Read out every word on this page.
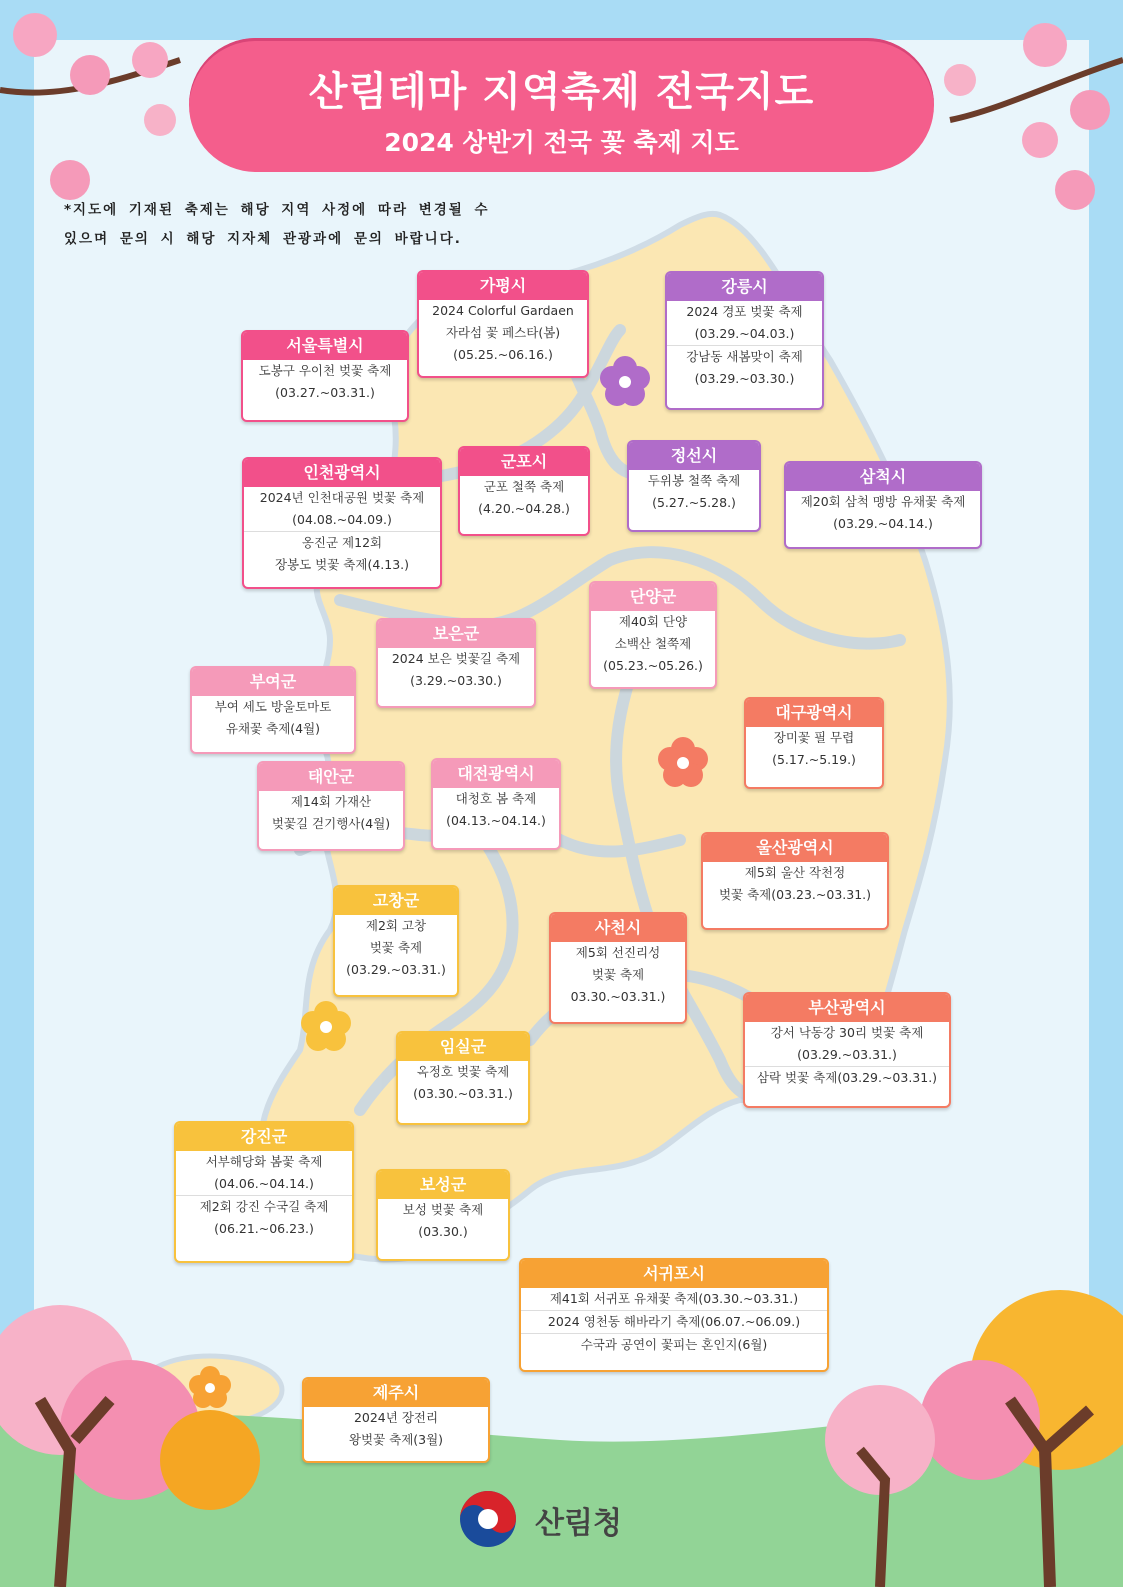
산림테마 지역축제 전국지도
2024 상반기 전국 꽃 축제 지도
*지도에 기재된 축제는 해당 지역 사정에 따라 변경될 수
있으며 문의 시 해당 지자체 관광과에 문의 바랍니다.
가평시
2024 Colorful Gardaen
자라섬 꽃 페스타(봄)
(05.25.~06.16.)
강릉시
2024 경포 벚꽃 축제
(03.29.~04.03.)
강남동 새봄맞이 축제
(03.29.~03.30.)
서울특별시
도봉구 우이천 벚꽃 축제
(03.27.~03.31.)
인천광역시
2024년 인천대공원 벚꽃 축제
(04.08.~04.09.)
옹진군 제12회
장봉도 벚꽃 축제(4.13.)
군포시
군포 철쭉 축제
(4.20.~04.28.)
정선시
두위봉 철쭉 축제
(5.27.~5.28.)
삼척시
제20회 삼척 맹방 유채꽃 축제
(03.29.~04.14.)
단양군
제40회 단양
소백산 철쭉제
(05.23.~05.26.)
보은군
2024 보은 벚꽃길 축제
(3.29.~03.30.)
부여군
부여 세도 방울토마토
유채꽃 축제(4월)
대구광역시
장미꽃 필 무렵
(5.17.~5.19.)
태안군
제14회 가재산
벚꽃길 걷기행사(4월)
대전광역시
대청호 봄 축제
(04.13.~04.14.)
울산광역시
제5회 울산 작천정
벚꽃 축제(03.23.~03.31.)
고창군
제2회 고창
벚꽃 축제
(03.29.~03.31.)
사천시
제5회 선진리성
벚꽃 축제
03.30.~03.31.)
부산광역시
강서 낙동강 30리 벚꽃 축제
(03.29.~03.31.)
삼락 벚꽃 축제(03.29.~03.31.)
임실군
옥정호 벚꽃 축제
(03.30.~03.31.)
강진군
서부해당화 봄꽃 축제
(04.06.~04.14.)
제2회 강진 수국길 축제
(06.21.~06.23.)
보성군
보성 벚꽃 축제
(03.30.)
서귀포시
제41회 서귀포 유채꽃 축제(03.30.~03.31.)
2024 영천동 해바라기 축제(06.07.~06.09.)
수국과 공연이 꽃피는 혼인지(6월)
제주시
2024년 장전리
왕벚꽃 축제(3월)
산림청
